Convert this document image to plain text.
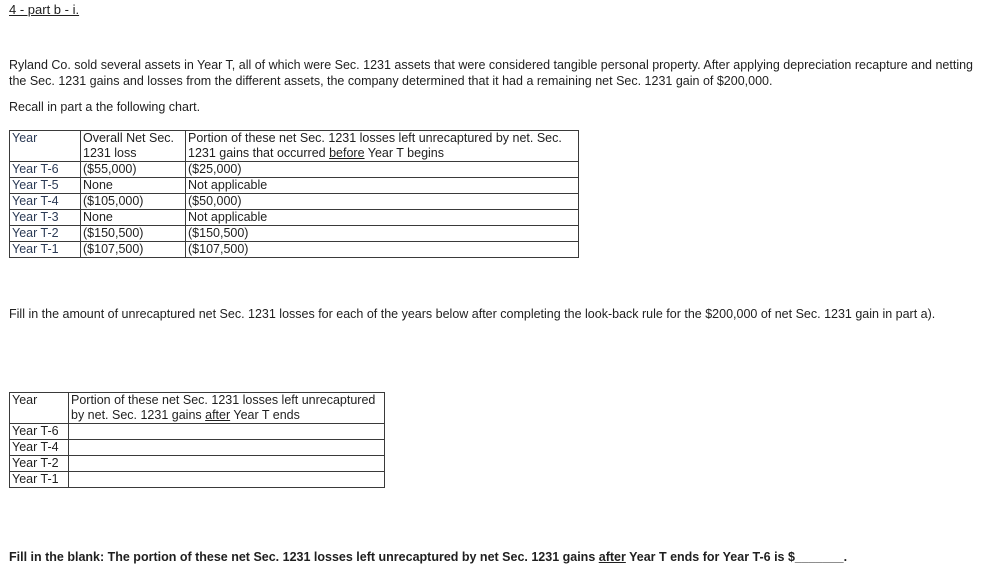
4 - part b - i.
Ryland Co. sold several assets in Year T, all of which were Sec. 1231 assets that were considered tangible personal property. After applying depreciation recapture and netting the Sec. 1231 gains and losses from the different assets, the company determined that it had a remaining net Sec. 1231 gain of $200,000.
Recall in part a the following chart.
Year	Overall Net Sec. 1231 loss	Portion of these net Sec. 1231 losses left unrecaptured by net. Sec. 1231 gains that occurred before Year T begins
Year T-6	($55,000)	($25,000)
Year T-5	None	Not applicable
Year T-4	($105,000)	($50,000)
Year T-3	None	Not applicable
Year T-2	($150,500)	($150,500)
Year T-1	($107,500)	($107,500)
Fill in the amount of unrecaptured net Sec. 1231 losses for each of the years below after completing the look-back rule for the $200,000 of net Sec. 1231 gain in part a).
Year	Portion of these net Sec. 1231 losses left unrecaptured by net. Sec. 1231 gains after Year T ends
Year T-6	
Year T-4	
Year T-2	
Year T-1	
Fill in the blank: The portion of these net Sec. 1231 losses left unrecaptured by net Sec. 1231 gains after Year T ends for Year T-6 is $_______.
